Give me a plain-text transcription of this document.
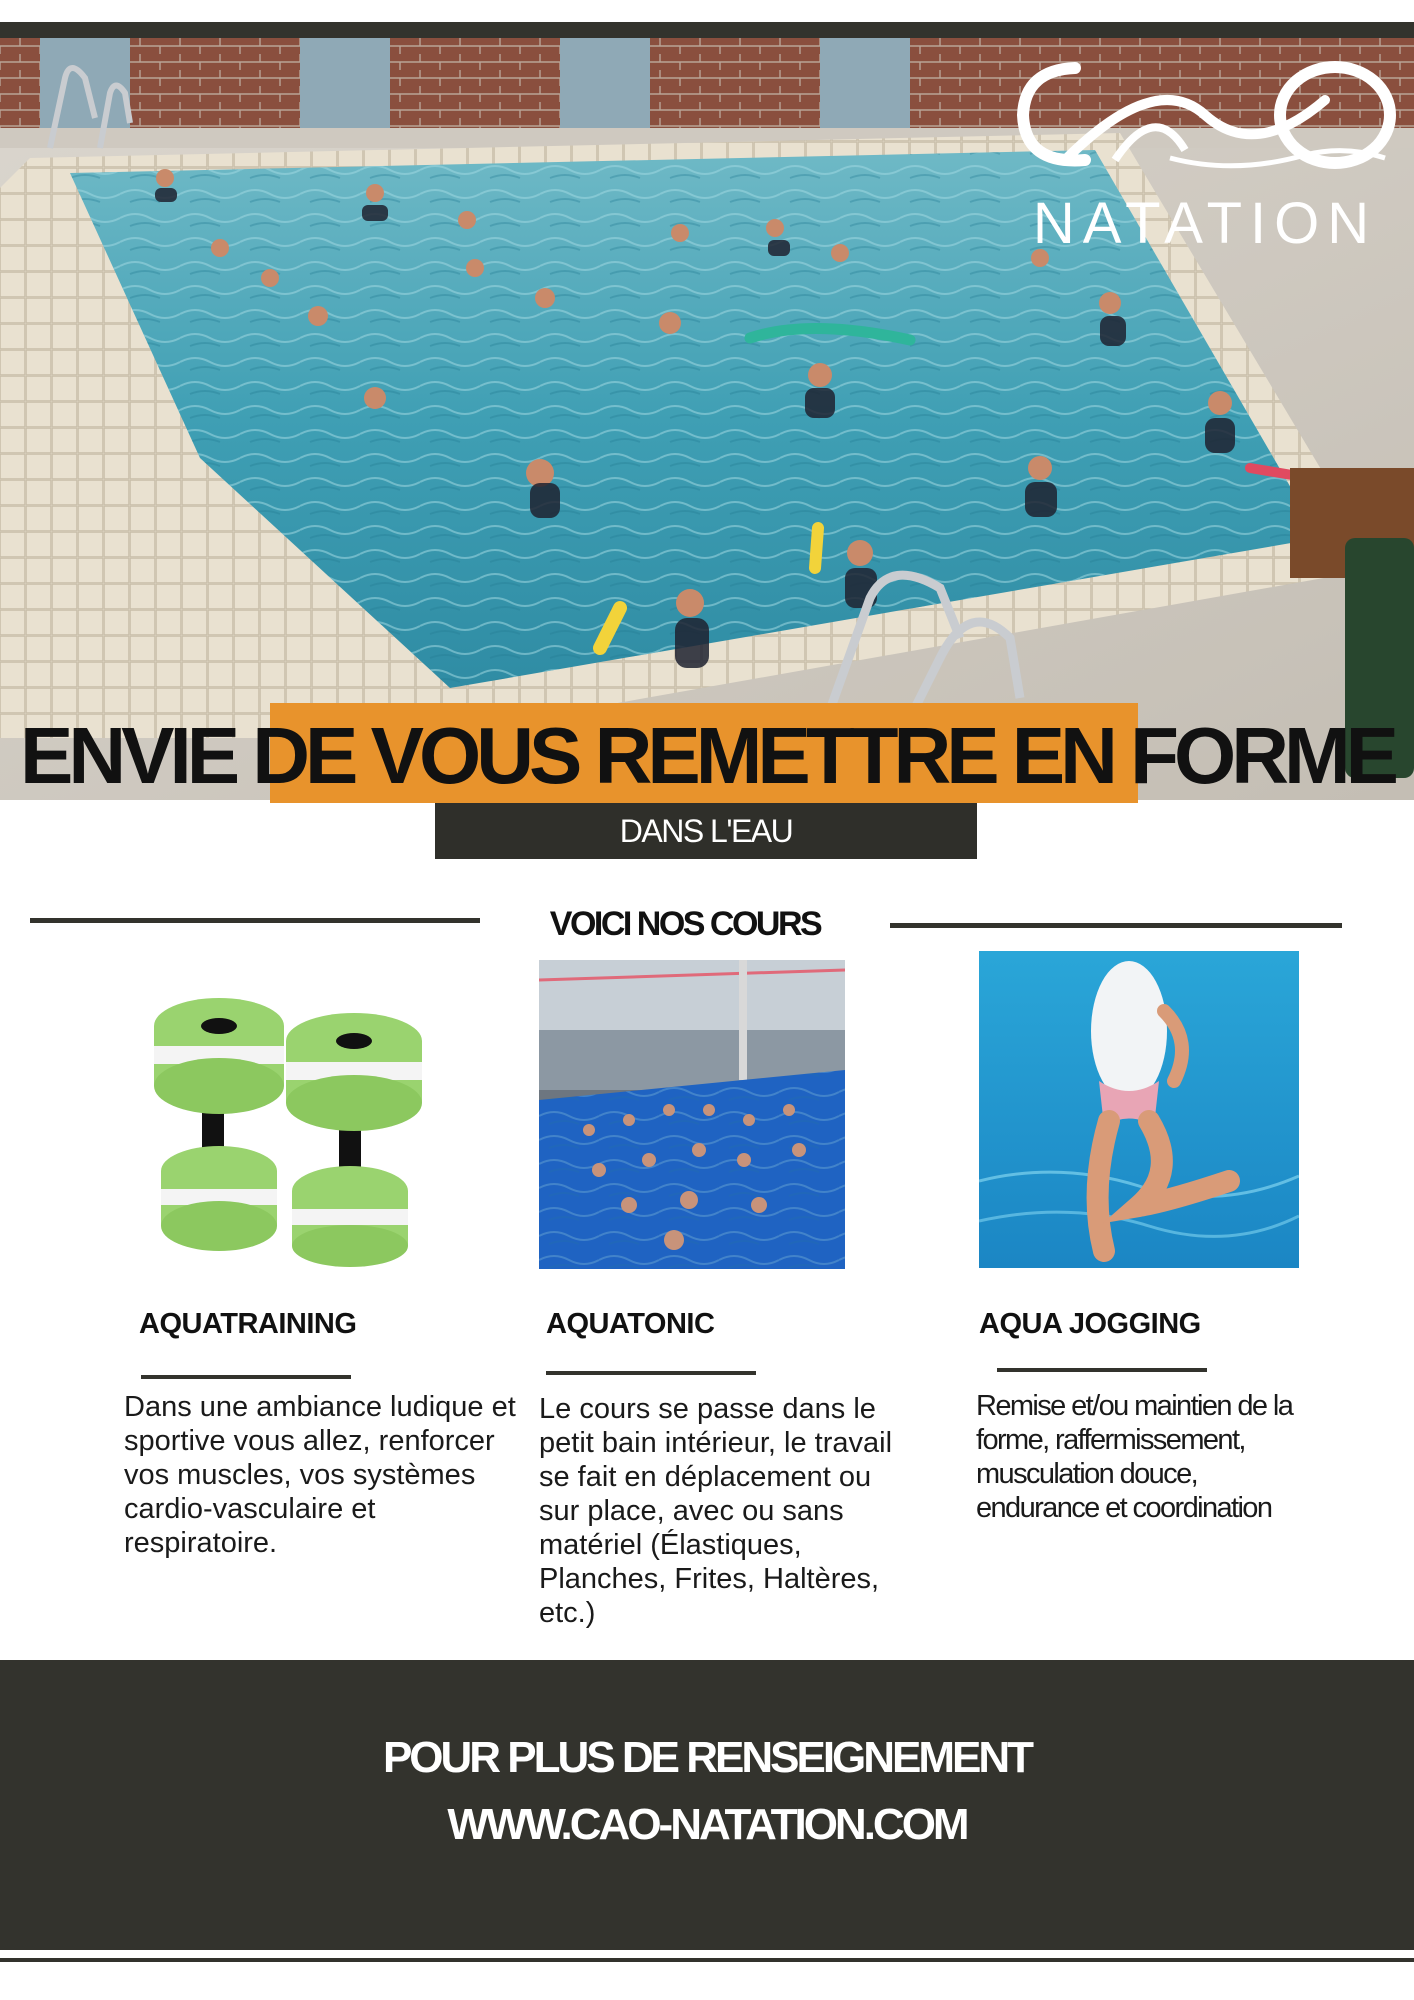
NATATION
ENVIE DE VOUS REMETTRE EN FORME
DANS L'EAU
VOICI NOS COURS
AQUATRAINING	AQUATONIC	AQUA JOGGING
Dans une ambiance ludique et sportive vous allez, renforcer vos muscles, vos systèmes cardio-vasculaire et respiratoire.
Le cours se passe dans le petit bain intérieur, le travail se fait en déplacement ou sur place, avec ou sans matériel (Élastiques, Planches, Frites, Haltères, etc.)
Remise et/ou maintien de la forme, raffermissement, musculation douce, endurance et coordination
POUR PLUS DE RENSEIGNEMENT
WWW.CAO-NATATION.COM
